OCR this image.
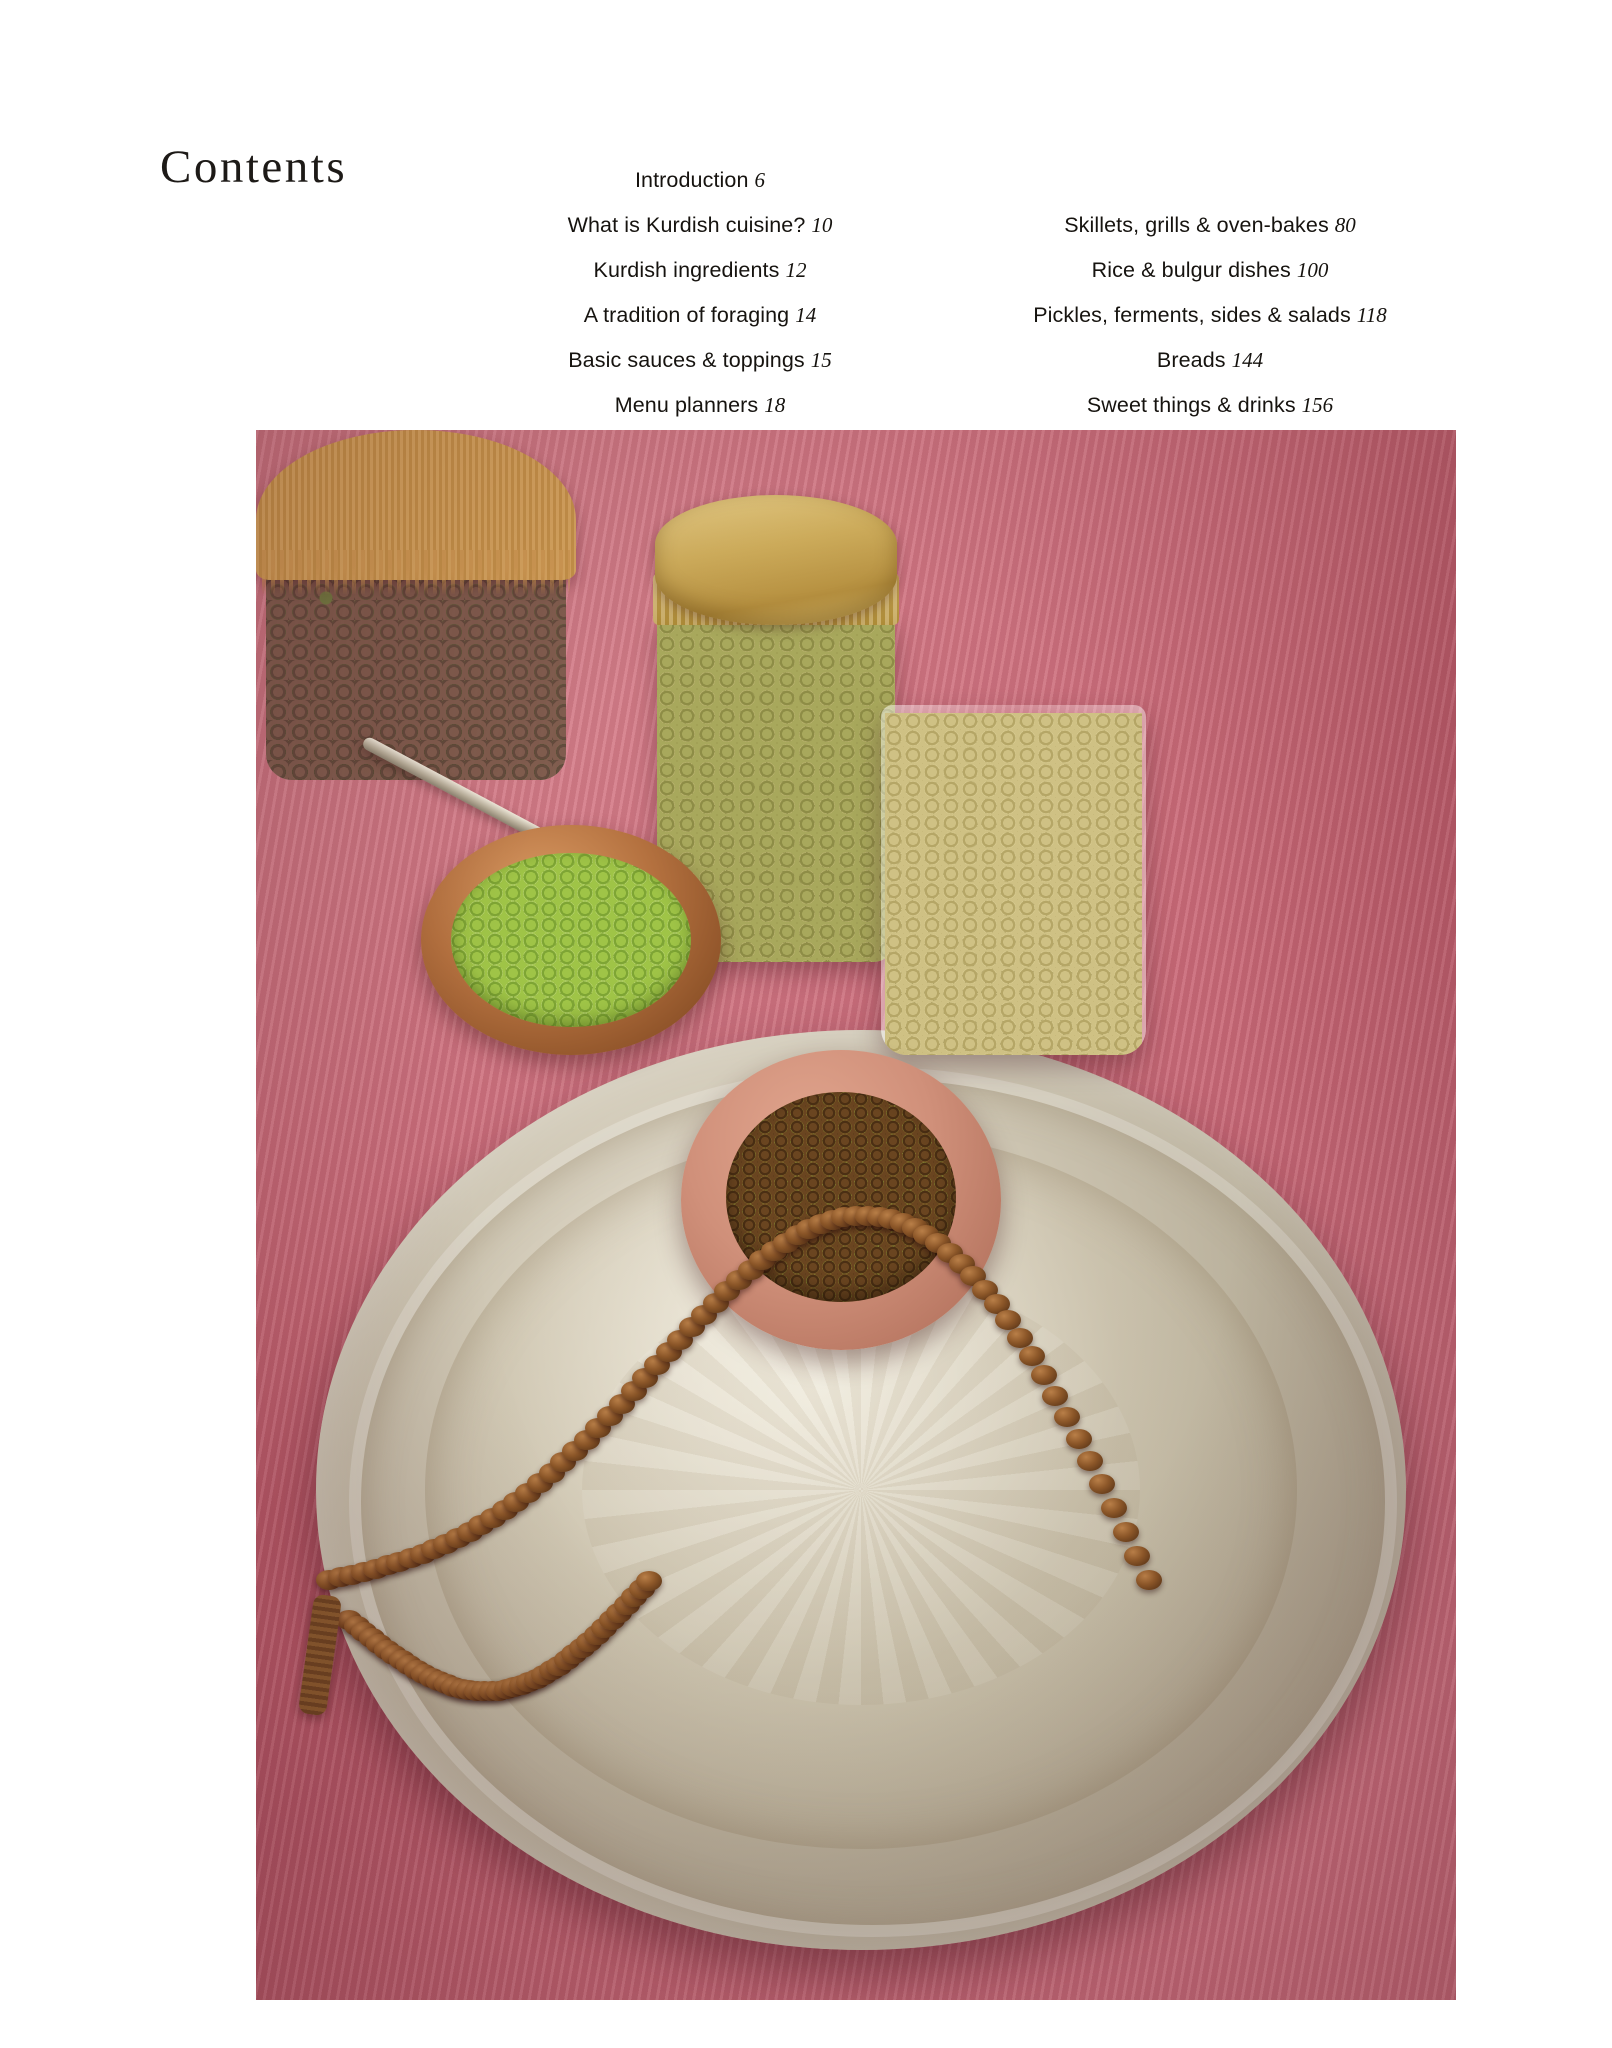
Contents	Introduction 6
What is Kurdish cuisine? 10
Kurdish ingredients 12
A tradition of foraging 14
Basic sauces & toppings 15
Menu planners 18
Skillets, grills & oven-bakes 80
Rice & bulgur dishes 100
Pickles, ferments, sides & salads 118
Breads 144
Sweet things & drinks 156
